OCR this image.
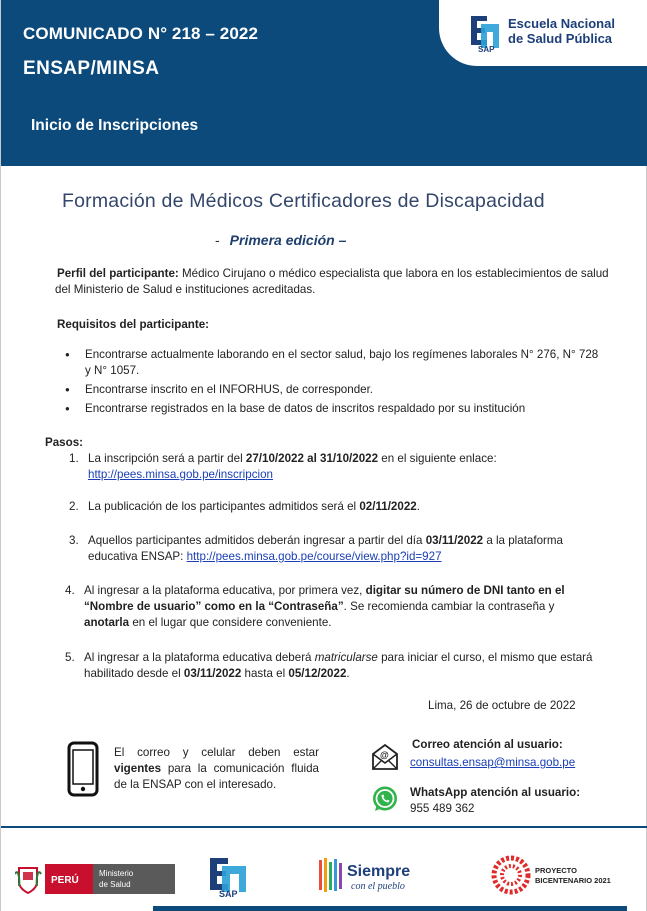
COMUNICADO N° 218 – 2022
ENSAP/MINSA
Inicio de Inscripciones
SAP
Escuela Nacional
de Salud Pública
Formación de Médicos Certificadores de Discapacidad
- Primera edición –
Perfil del participante: Médico Cirujano o médico especialista que labora en los establecimientos de salud
del Ministerio de Salud e instituciones acreditadas.
Requisitos del participante:
● Encontrarse actualmente laborando en el sector salud, bajo los regímenes laborales N° 276, N° 728 y N° 1057.
● Encontrarse inscrito en el INFORHUS, de corresponder.
● Encontrarse registrados en la base de datos de inscritos respaldado por su institución
Pasos:
1. La inscripción será a partir del 27/10/2022 al 31/10/2022 en el siguiente enlace:
http://pees.minsa.gob.pe/inscripcion
2. La publicación de los participantes admitidos será el 02/11/2022.
3. Aquellos participantes admitidos deberán ingresar a partir del día 03/11/2022 a la plataforma
educativa ENSAP: http://pees.minsa.gob.pe/course/view.php?id=927
4. Al ingresar a la plataforma educativa, por primera vez, digitar su número de DNI tanto en el
“Nombre de usuario” como en la “Contraseña”. Se recomienda cambiar la contraseña y
anotarla en el lugar que considere conveniente.
5. Al ingresar a la plataforma educativa deberá matricularse para iniciar el curso, el mismo que estará
habilitado desde el 03/11/2022 hasta el 05/12/2022.
Lima, 26 de octubre de 2022
El correo y celular deben estar vigentes para la comunicación fluida de la ENSAP con el interesado.
@
Correo atención al usuario:
consultas.ensap@minsa.gob.pe
WhatsApp atención al usuario:
955 489 362
PERÚ
Ministerio
de Salud
SAP
Siempre
con el pueblo
PROYECTO
BICENTENARIO 2021
